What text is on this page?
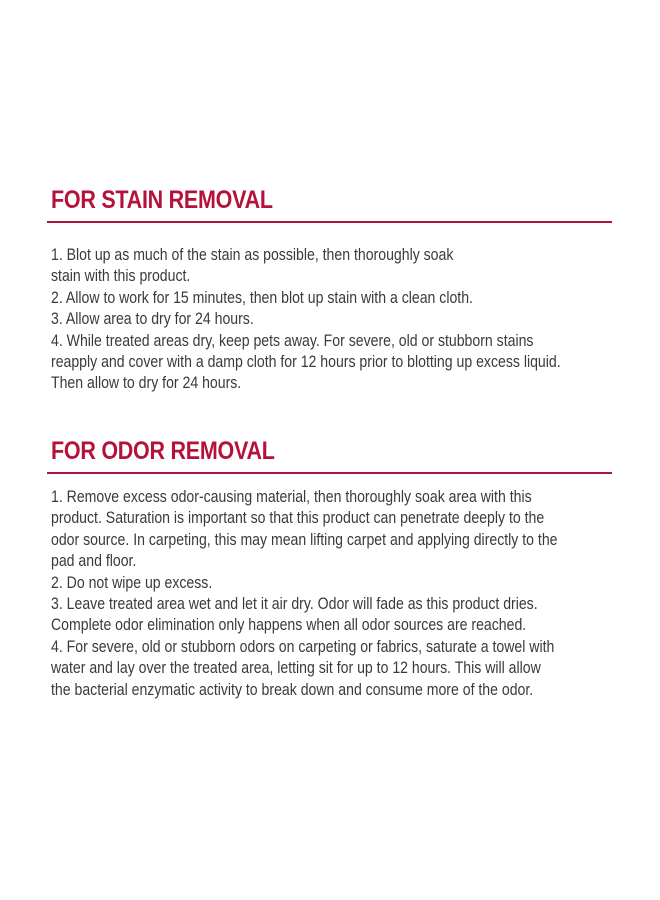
FOR STAIN REMOVAL

1. Blot up as much of the stain as possible, then thoroughly soak

stain with this product.

2. Allow to work for 15 minutes, then blot up stain with a clean cloth.

3. Allow area to dry for 24 hours.

4. While treated areas dry, keep pets away. For severe, old or stubborn stains

reapply and cover with a damp cloth for 12 hours prior to blotting up excess liquid.

Then allow to dry for 24 hours.

FOR ODOR REMOVAL

1. Remove excess odor-causing material, then thoroughly soak area with this

product. Saturation is important so that this product can penetrate deeply to the

odor source. In carpeting, this may mean lifting carpet and applying directly to the

pad and floor.

2. Do not wipe up excess.

3. Leave treated area wet and let it air dry. Odor will fade as this product dries.

Complete odor elimination only happens when all odor sources are reached.

4. For severe, old or stubborn odors on carpeting or fabrics, saturate a towel with

water and lay over the treated area, letting sit for up to 12 hours. This will allow

the bacterial enzymatic activity to break down and consume more of the odor.
